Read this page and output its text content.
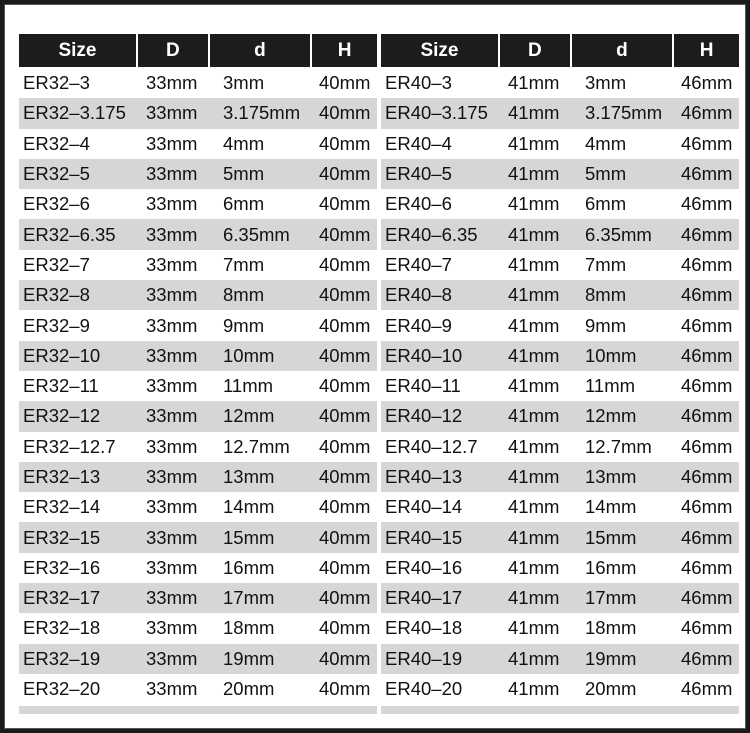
Size	D	d	H
ER32–3	33mm	3mm	40mm
ER32–3.175	33mm	3.175mm	40mm
ER32–4	33mm	4mm	40mm
ER32–5	33mm	5mm	40mm
ER32–6	33mm	6mm	40mm
ER32–6.35	33mm	6.35mm	40mm
ER32–7	33mm	7mm	40mm
ER32–8	33mm	8mm	40mm
ER32–9	33mm	9mm	40mm
ER32–10	33mm	10mm	40mm
ER32–11	33mm	11mm	40mm
ER32–12	33mm	12mm	40mm
ER32–12.7	33mm	12.7mm	40mm
ER32–13	33mm	13mm	40mm
ER32–14	33mm	14mm	40mm
ER32–15	33mm	15mm	40mm
ER32–16	33mm	16mm	40mm
ER32–17	33mm	17mm	40mm
ER32–18	33mm	18mm	40mm
ER32–19	33mm	19mm	40mm
ER32–20	33mm	20mm	40mm
Size	D	d	H
ER40–3	41mm	3mm	46mm
ER40–3.175	41mm	3.175mm	46mm
ER40–4	41mm	4mm	46mm
ER40–5	41mm	5mm	46mm
ER40–6	41mm	6mm	46mm
ER40–6.35	41mm	6.35mm	46mm
ER40–7	41mm	7mm	46mm
ER40–8	41mm	8mm	46mm
ER40–9	41mm	9mm	46mm
ER40–10	41mm	10mm	46mm
ER40–11	41mm	11mm	46mm
ER40–12	41mm	12mm	46mm
ER40–12.7	41mm	12.7mm	46mm
ER40–13	41mm	13mm	46mm
ER40–14	41mm	14mm	46mm
ER40–15	41mm	15mm	46mm
ER40–16	41mm	16mm	46mm
ER40–17	41mm	17mm	46mm
ER40–18	41mm	18mm	46mm
ER40–19	41mm	19mm	46mm
ER40–20	41mm	20mm	46mm
